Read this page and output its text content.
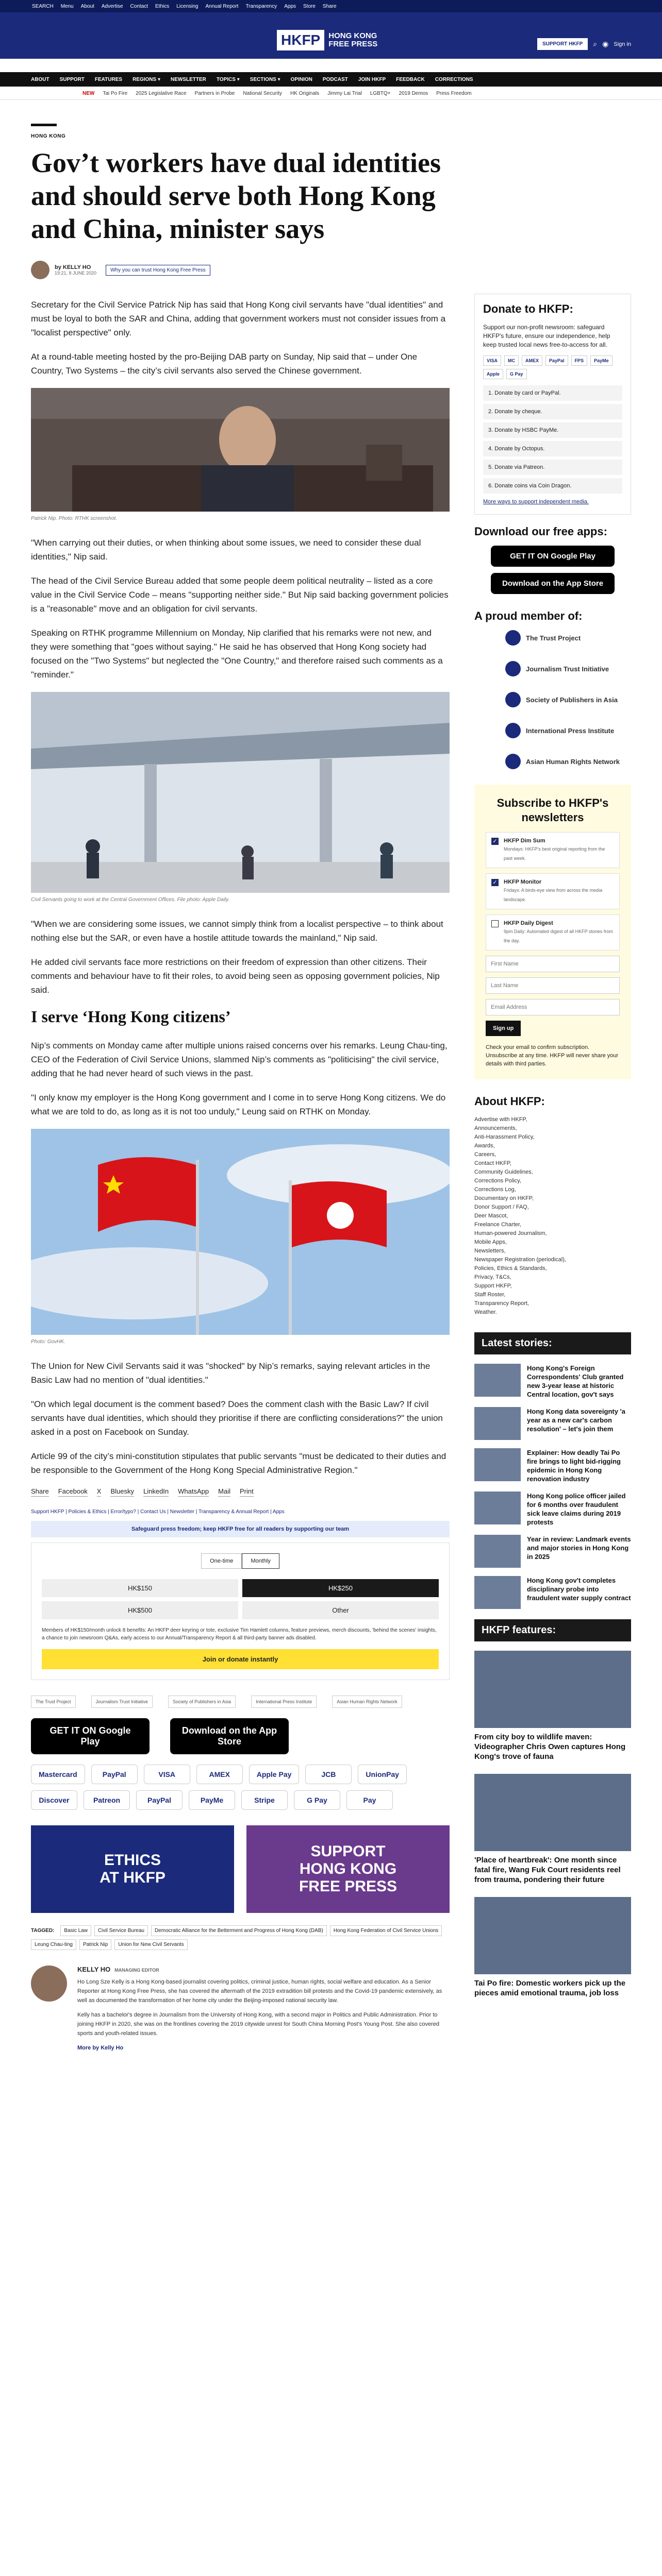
SEARCH Menu About Advertise Contact Ethics Licensing Annual Report Transparency Apps Store Share
HKFP	HONG KONG
FREE PRESS	SUPPORT HKFP	⌕ ◉ Sign in
ABOUT SUPPORT FEATURES REGIONS ▾ NEWSLETTER TOPICS ▾ SECTIONS ▾ OPINION PODCAST JOIN HKFP FEEDBACK CORRECTIONS
NEW Tai Po Fire 2025 Legislative Race Partners in Probe National Security HK Originals Jimmy Lai Trial LGBTQ+ 2019 Demos Press Freedom
HONG KONG
Gov’t workers have dual identities and should serve both Hong Kong and China, minister says
by KELLY HO
19:21, 8 JUNE 2020
Why you can trust Hong Kong Free Press

Secretary for the Civil Service Patrick Nip has said that Hong Kong civil servants have "dual identities" and must be loyal to both the SAR and China, adding that government workers must not consider issues from a "localist perspective" only.

At a round-table meeting hosted by the pro-Beijing DAB party on Sunday, Nip said that – under One Country, Two Systems – the city’s civil servants also served the Chinese government.

Patrick Nip. Photo: RTHK screenshot.

"When carrying out their duties, or when thinking about some issues, we need to consider these dual identities," Nip said.

The head of the Civil Service Bureau added that some people deem political neutrality – listed as a core value in the Civil Service Code – means "supporting neither side." But Nip said backing government policies is a "reasonable" move and an obligation for civil servants.

Speaking on RTHK programme Millennium on Monday, Nip clarified that his remarks were not new, and they were something that "goes without saying." He said he has observed that Hong Kong society had focused on the "Two Systems" but neglected the "One Country," and therefore raised such comments as a "reminder."

Civil Servants going to work at the Central Government Offices. File photo: Apple Daily.

"When we are considering some issues, we cannot simply think from a localist perspective – to think about nothing else but the SAR, or even have a hostile attitude towards the mainland," Nip said.

He added civil servants face more restrictions on their freedom of expression than other citizens. Their comments and behaviour have to fit their roles, to avoid being seen as opposing government policies, Nip said.

I serve ‘Hong Kong citizens’

Nip’s comments on Monday came after multiple unions raised concerns over his remarks. Leung Chau-ting, CEO of the Federation of Civil Service Unions, slammed Nip’s comments as "politicising" the civil service, adding that he had never heard of such views in the past.

"I only know my employer is the Hong Kong government and I come in to serve Hong Kong citizens. We do what we are told to do, as long as it is not too unduly," Leung said on RTHK on Monday.

Photo: GovHK.

The Union for New Civil Servants said it was "shocked" by Nip’s remarks, saying relevant articles in the Basic Law had no mention of "dual identities."

"On which legal document is the comment based? Does the comment clash with the Basic Law? If civil servants have dual identities, which should they prioritise if there are conflicting considerations?" the union asked in a post on Facebook on Sunday.

Article 99 of the city’s mini-constitution stipulates that public servants "must be dedicated to their duties and be responsible to the Government of the Hong Kong Special Administrative Region."

Share Facebook X Bluesky LinkedIn WhatsApp Mail Print
Support HKFP | Policies & Ethics | Error/typo? | Contact Us | Newsletter | Transparency & Annual Report | Apps
Safeguard press freedom; keep HKFP free for all readers by supporting our team
One-time	Monthly
HK$150	HK$250
HK$500	Other
Members of HK$150/month unlock 8 benefits: An HKFP deer keyring or tote, exclusive Tim Hamlett columns, feature previews, merch discounts, 'behind the scenes' insights, a chance to join newsroom Q&As, early access to our Annual/Transparency Report & all third-party banner ads disabled.
Join or donate instantly
The Trust Project	Journalism Trust Initiative	Society of Publishers in Asia	International Press Institute	Asian Human Rights Network
GET IT ON Google Play
Download on the App Store
Mastercard	PayPal	VISA	AMEX	Apple Pay	JCB	UnionPay
Discover	Patreon	PayPal	PayMe	Stripe	G Pay	Pay
ETHICS
AT HKFP
SUPPORT
HONG KONG
FREE PRESS
TAGGED:	Basic Law	Civil Service Bureau	Democratic Alliance for the Betterment and Progress of Hong Kong (DAB)	Hong Kong Federation of Civil Service Unions
Leung Chau-ting	Patrick Nip	Union for New Civil Servants
KELLY HO MANAGING EDITOR

Ho Long Sze Kelly is a Hong Kong-based journalist covering politics, criminal justice, human rights, social welfare and education. As a Senior Reporter at Hong Kong Free Press, she has covered the aftermath of the 2019 extradition bill protests and the Covid-19 pandemic extensively, as well as documented the transformation of her home city under the Beijing-imposed national security law.

Kelly has a bachelor's degree in Journalism from the University of Hong Kong, with a second major in Politics and Public Administration. Prior to joining HKFP in 2020, she was on the frontlines covering the 2019 citywide unrest for South China Morning Post's Young Post. She also covered sports and youth-related issues.

More by Kelly Ho

Donate to HKFP:

Support our non-profit newsroom: safeguard HKFP's future, ensure our independence, help keep trusted local news free-to-access for all.

VISA	MC	AMEX	PayPal	FPS	PayMe
Apple	G Pay
1. Donate by card or PayPal.
2. Donate by cheque.
3. Donate by HSBC PayMe.
4. Donate by Octopus.
5. Donate via Patreon.
6. Donate coins via Coin Dragon.
More ways to support independent media.
Download our free apps:
GET IT ON Google Play
Download on the App Store
A proud member of:
The Trust Project
Journalism Trust Initiative
Society of Publishers in Asia
International Press Institute
Asian Human Rights Network
Subscribe to HKFP's newsletters
✓ HKFP Dim Sum
Mondays: HKFP's best original reporting from the past week.
✓ HKFP Monitor
Fridays: A birds-eye view from across the media landscape.
HKFP Daily Digest
9pm Daily: Automated digest of all HKFP stories from the day.
First Name Last Name Email Address Sign up

Check your email to confirm subscription. Unsubscribe at any time. HKFP will never share your details with third parties.

About HKFP:
Advertise with HKFP,
Announcements,
Anti-Harassment Policy,
Awards,
Careers,
Contact HKFP,
Community Guidelines,
Corrections Policy,
Corrections Log,
Documentary on HKFP,
Donor Support / FAQ,
Deer Mascot,
Freelance Charter,
Human-powered Journalism,
Mobile Apps,
Newsletters,
Newspaper Registration (periodical),
Policies, Ethics & Standards,
Privacy, T&Cs,
Support HKFP,
Staff Roster,
Transparency Report,
Weather.
Latest stories:
Hong Kong's Foreign Correspondents' Club granted new 3-year lease at historic Central location, gov't says
Hong Kong data sovereignty 'a year as a new car's carbon resolution' – let's join them
Explainer: How deadly Tai Po fire brings to light bid-rigging epidemic in Hong Kong renovation industry
Hong Kong police officer jailed for 6 months over fraudulent sick leave claims during 2019 protests
Year in review: Landmark events and major stories in Hong Kong in 2025
Hong Kong gov't completes disciplinary probe into fraudulent water supply contract
HKFP features:
From city boy to wildlife maven: Videographer Chris Owen captures Hong Kong's trove of fauna
'Place of heartbreak': One month since fatal fire, Wang Fuk Court residents reel from trauma, pondering their future
Tai Po fire: Domestic workers pick up the pieces amid emotional trauma, job loss
